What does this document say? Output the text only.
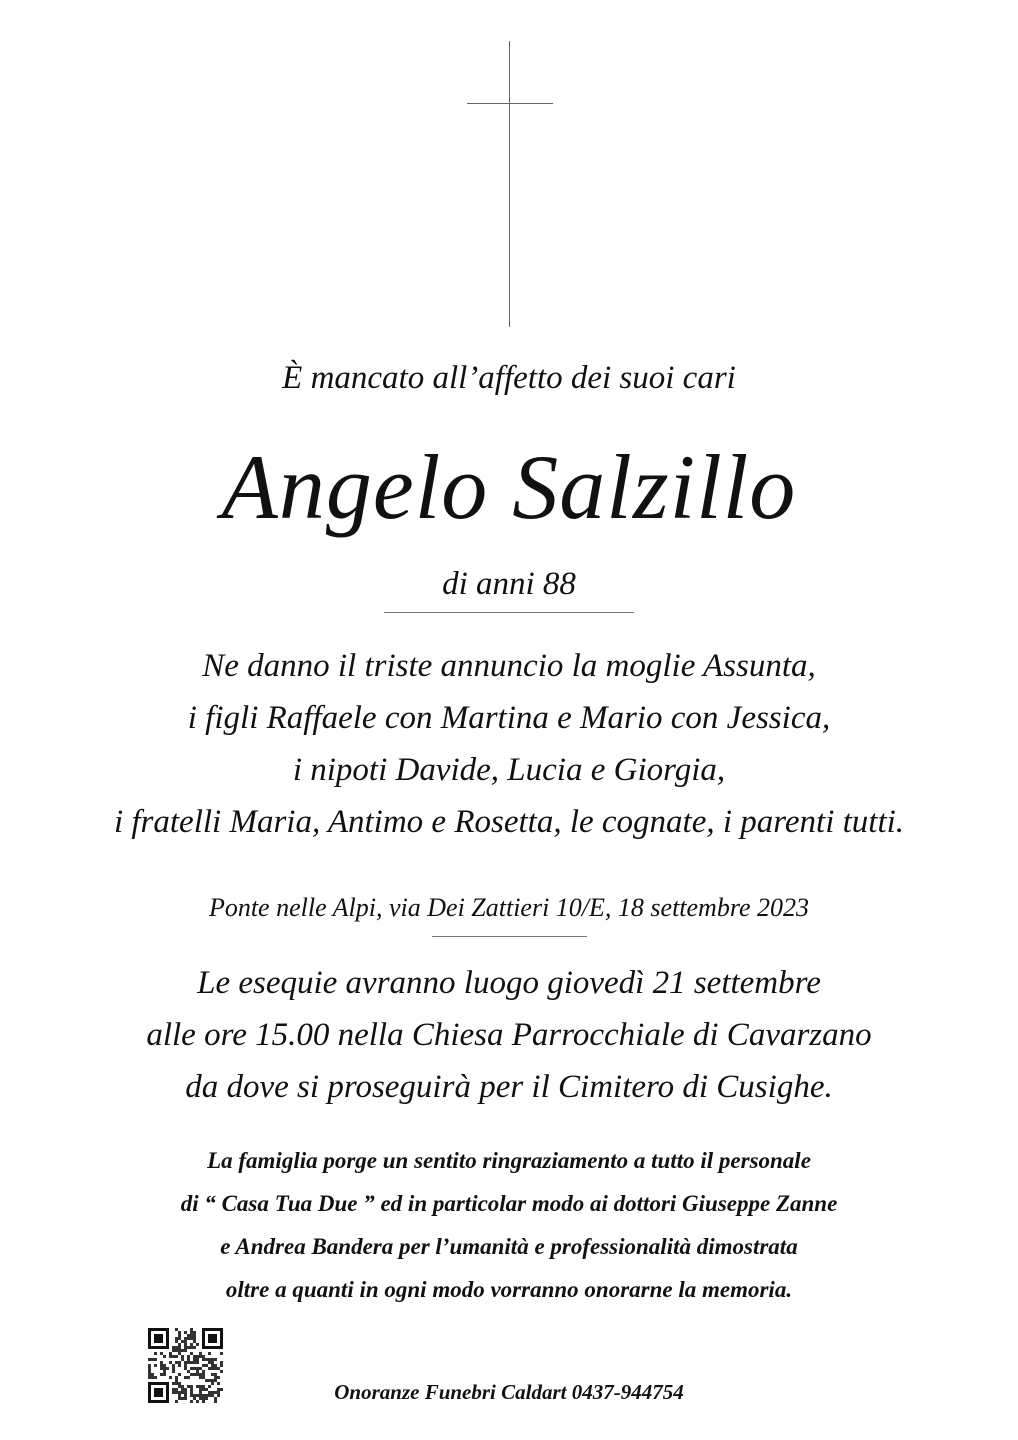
È mancato all’affetto dei suoi cari
Angelo Salzillo
di anni 88
Ne danno il triste annuncio la moglie Assunta,
i figli Raffaele con Martina e Mario con Jessica,
i nipoti Davide, Lucia e Giorgia,
i fratelli Maria, Antimo e Rosetta, le cognate, i parenti tutti.
Ponte nelle Alpi, via Dei Zattieri 10/E, 18 settembre 2023
Le esequie avranno luogo giovedì 21 settembre
alle ore 15.00 nella Chiesa Parrocchiale di Cavarzano
da dove si proseguirà per il Cimitero di Cusighe.
La famiglia porge un sentito ringraziamento a tutto il personale
di “ Casa Tua Due ” ed in particolar modo ai dottori Giuseppe Zanne
e Andrea Bandera per l’umanità e professionalità dimostrata
oltre a quanti in ogni modo vorranno onorarne la memoria.
Onoranze Funebri Caldart 0437-944754
